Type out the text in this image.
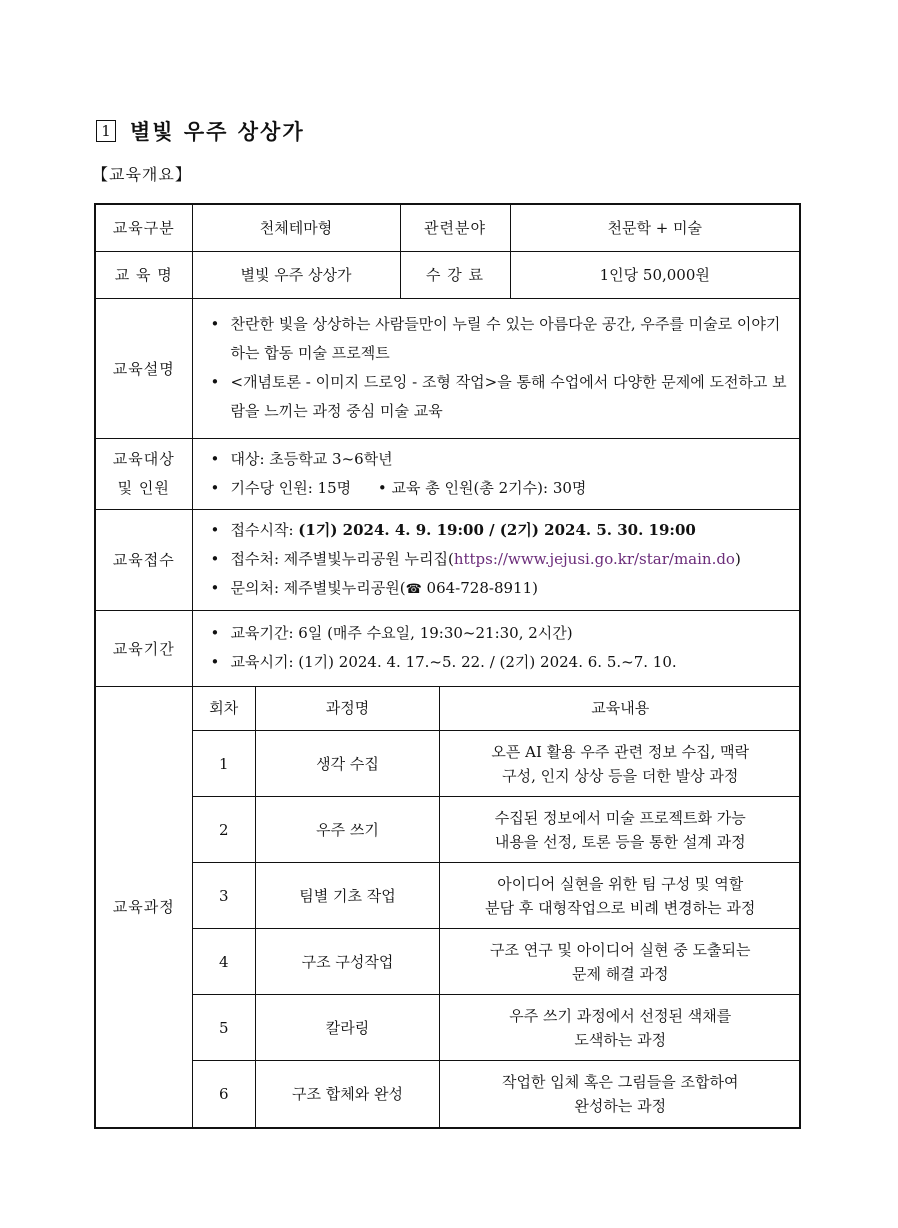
1 별빛 우주 상상가
【교육개요】
교육구분	천체테마형	관련분야	천문학 + 미술
교 육 명	별빛 우주 상상가	수 강 료	1인당 50,000원
교육설명	
• 찬란한 빛을 상상하는 사람들만이 누릴 수 있는 아름다운 공간, 우주를 미술로 이야기하는 합동 미술 프로젝트
• <개념토론 - 이미지 드로잉 - 조형 작업>을 통해 수업에서 다양한 문제에 도전하고 보람을 느끼는 과정 중심 미술 교육

교육대상
및 인원

• 대상: 초등학교 3~6학년
• 기수당 인원: 15명 •	교육 총 인원(총 2기수): 30명

교육접수	
• 접수시작: (1기) 2024. 4. 9. 19:00 / (2기) 2024. 5. 30. 19:00
• 접수처: 제주별빛누리공원 누리집(https://www.jejusi.go.kr/star/main.do)
• 문의처: 제주별빛누리공원(☎ 064-728-8911)

교육기간	
• 교육기간: 6일 (매주 수요일, 19:30~21:30, 2시간)
• 교육시기: (1기) 2024. 4. 17.~5. 22. / (2기) 2024. 6. 5.~7. 10.

교육과정	
회차	과정명	교육내용
1	생각 수집	
오픈 AI 활용 우주 관련 정보 수집, 맥락
구성, 인지 상상 등을 더한 발상 과정

2	우주 쓰기	
수집된 정보에서 미술 프로젝트화 가능
내용을 선정, 토론 등을 통한 설계 과정

3	팀별 기초 작업	
아이디어 실현을 위한 팀 구성 및 역할
분담 후 대형작업으로 비례 변경하는 과정

4	구조 구성작업	
구조 연구 및 아이디어 실현 중 도출되는
문제 해결 과정

5	칼라링	
우주 쓰기 과정에서 선정된 색채를
도색하는 과정

6	구조 합체와 완성	
작업한 입체 혹은 그림들을 조합하여
완성하는 과정
